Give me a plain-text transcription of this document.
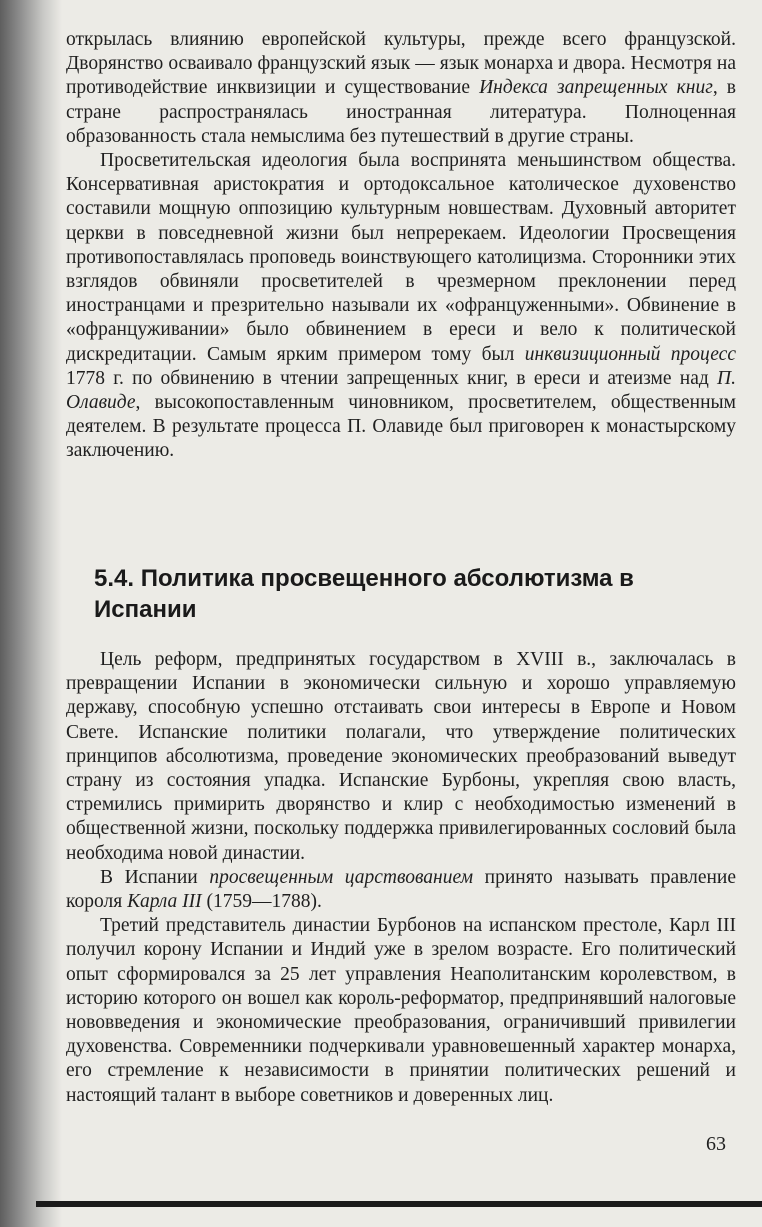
открылась влиянию европейской культуры, прежде всего французской. Дворянство осваивало французский язык — язык монарха и двора. Несмотря на противодействие инквизиции и существование Индекса запрещенных книг, в стране распространялась иностранная литература. Полноценная образованность стала немыслима без путешествий в другие страны.

Просветительская идеология была воспринята меньшинством общества. Консервативная аристократия и ортодоксальное католическое духовенство составили мощную оппозицию культурным новшествам. Духовный авторитет церкви в повседневной жизни был непререкаем. Идеологии Просвещения противопоставлялась проповедь воинствующего католицизма. Сторонники этих взглядов обвиняли просветителей в чрезмерном преклонении перед иностранцами и презрительно называли их «офранцуженными». Обвинение в «офранцуживании» было обвинением в ереси и вело к политической дискредитации. Самым ярким примером тому был инквизиционный процесс 1778 г. по обвинению в чтении запрещенных книг, в ереси и атеизме над П. Олавиде, высокопоставленным чиновником, просветителем, общественным деятелем. В результате процесса П. Олавиде был приговорен к монастырскому заключению.

5.4. Политика просвещенного абсолютизма в Испании

Цель реформ, предпринятых государством в XVIII в., заключалась в превращении Испании в экономически сильную и хорошо управляемую державу, способную успешно отстаивать свои интересы в Европе и Новом Свете. Испанские политики полагали, что утверждение политических принципов абсолютизма, проведение экономических преобразований выведут страну из состояния упадка. Испанские Бурбоны, укрепляя свою власть, стремились примирить дворянство и клир с необходимостью изменений в общественной жизни, поскольку поддержка привилегированных сословий была необходима новой династии.

В Испании просвещенным царствованием принято называть правление короля Карла III (1759—1788).

Третий представитель династии Бурбонов на испанском престоле, Карл III получил корону Испании и Индий уже в зрелом возрасте. Его политический опыт сформировался за 25 лет управления Неаполитанским королевством, в историю которого он вошел как король-реформатор, предпринявший налоговые нововведения и экономические преобразования, ограничивший привилегии духовенства. Современники подчеркивали уравновешенный характер монарха, его стремление к независимости в принятии политических решений и настоящий талант в выборе советников и доверенных лиц.

63
